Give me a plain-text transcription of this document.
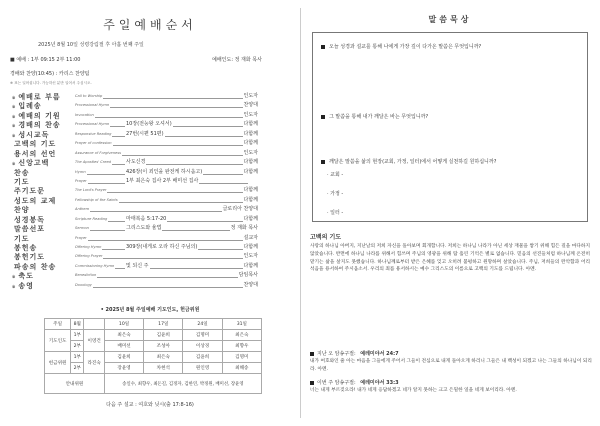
주일예배순서
2025년 8월 10일 성령강림절 후 아홉 번째 주일
■ 예배 : 1부 09:15 2부 11:00	예배인도: 정 재화 목사
경배와 찬양(10:45) : 카리스 찬양팀
※ 표는 일어섭니다. 가능하신 분만 일어서 주십시오.
※ 예배로 부름	Call to Worship	인도자
※ 입례송	Processional Hymn	찬양대
※ 예배의 기원	Invocation	인도자
※ 경배의 찬송	Processional Hymn	10장(전능왕 오셔서)	다함께
※ 성시교독	Responsive Reading	27번(시편 51편)	다함께
고백의 기도	Prayer of confession	다함께
용서의 선언	Assurance of Forgiveness	인도자
※ 신앙고백	The Apostles' Creed	사도신경	다함께
찬송	Hymn	426장(이 죄인을 완전케 하시옵고)	다함께
기도	Prayer	1부 최은숙 집사 2부 배미선 집사
주기도문	The Lord's Prayer	다함께
성도의 교제	Fellowship of the Saints	다함께
찬양	Anthem	글로리아 찬양대
성경봉독	Scripture Reading	마태복음 5:17-20	다함께
말씀선포	Sermon	그리스도와 율법	정 재화 목사
기도	Prayer	설교자
봉헌송	Offering Hymn	309장(내게로 오라 하신 주님의)	다함께
봉헌기도	Offering Prayer	인도자
파송의 찬송	Commissioning Hymn 및 되신 주	다함께
※ 축도	Benediction	담임목사
※ 송영	Doxology	찬양대
• 2025년 8월 주일예배 기도인도, 헌금위원
주일	8월		10일	17일	24일	31일
기도인도	1부	이영건	최은숙	김윤희	김명미	최은숙
	2부		배미선	조성아	이상경	최향우
헌금위원	1부	라진숙	김윤희	최은숙	김윤희	김명미
	2부		장윤영	차현석	원인영	최해송
안내위원			송일수, 최향우, 최돈길, 김정자, 김한연, 박정원, 배미선, 장윤영			
다음 주 설교 : 여호와 닛시(출 17:8-16)
말씀묵상
오늘 성경과 설교를 통해 나에게 가장 깊이 다가온 말씀은 무엇입니까?
그 말씀을 통해 내가 깨달은 바는 무엇입니까?
깨달은 말씀을 삶의 현장(교회, 가정, 일터)에서 어떻게 실천하길 원하십니까?
· 교회 -
· 가정 -
· 일터 -
고백의 기도
사랑의 하나님 아버지, 지난날의 저희 자신을 돌아보며 회개합니다. 저희는 하나님 나라가 아닌 세상 재물을 쌓기 위해 힘든 길을 마다하지 않았습니다. 반면에 하나님 나라를 위해서 힘쓰며 주님의 영광을 위해 땀 흘린 기억은 별로 없습니다. 믿음의 선진들처럼 하나님께 온전히 맡기는 삶을 살지도 못했습니다. 하나님께로부터 받은 은혜를 잊고 오히려 불평하고 원망하며 살았습니다. 주님, 저희들의 완악함과 어리석음을 용서하여 주시옵소서. 우리의 죄를 용서하시는 예수 그리스도의 이름으로 고백의 기도를 드립니다. 아멘.
지난 오 암송구절: 예레미야서 24:7
내가 여호와인 줄 아는 마음을 그들에게 주어서 그들이 전심으로 내게 돌아오게 하리니 그들은 내 백성이 되겠고 나는 그들의 하나님이 되리라. 아멘.
이번 주 암송구절: 예레미야서 33:3
너는 내게 부르짖으라! 내가 네게 응답하겠고 네가 알지 못하는 크고 은밀한 일을 네게 보이리라. 아멘.
